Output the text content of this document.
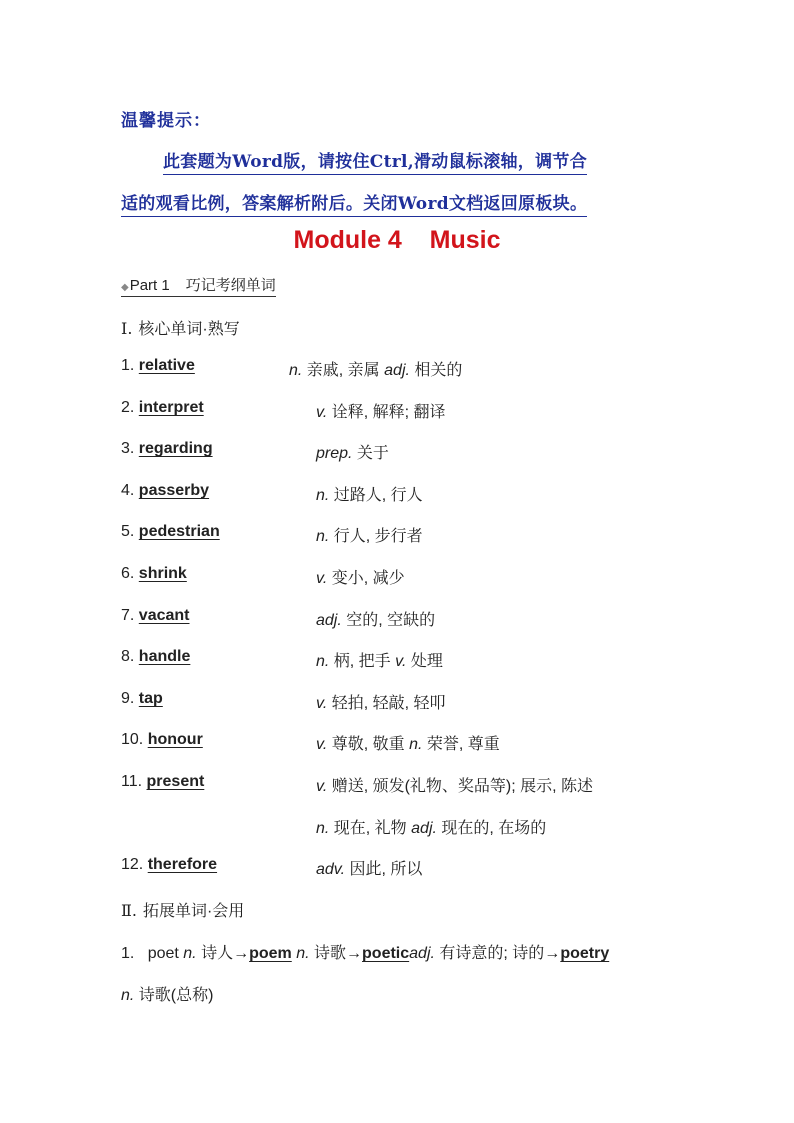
温馨提示：
此套题为Word版，请按住Ctrl,滑动鼠标滚轴，调节合
适的观看比例，答案解析附后。关闭Word文档返回原板块。
Module 4    Music
◆Part 1 巧记考纲单词
Ⅰ. 核心单词·熟写
1. relative	n. 亲戚, 亲属 adj. 相关的
2. interpret	v. 诠释, 解释; 翻译
3. regarding	prep. 关于
4. passerby	n. 过路人, 行人
5. pedestrian	n. 行人, 步行者
6. shrink	v. 变小, 减少
7. vacant	adj. 空的, 空缺的
8. handle	n. 柄, 把手 v. 处理
9. tap	v. 轻拍, 轻敲, 轻叩
10. honour	v. 尊敬, 敬重 n. 荣誉, 尊重
11. present	v. 赠送, 颁发(礼物、奖品等); 展示, 陈述
n. 现在, 礼物 adj. 现在的, 在场的
12. therefore	adv. 因此, 所以
Ⅱ. 拓展单词·会用
1. poet n. 诗人→poem n. 诗歌→poeticadj. 有诗意的; 诗的→poetry
n. 诗歌(总称)
